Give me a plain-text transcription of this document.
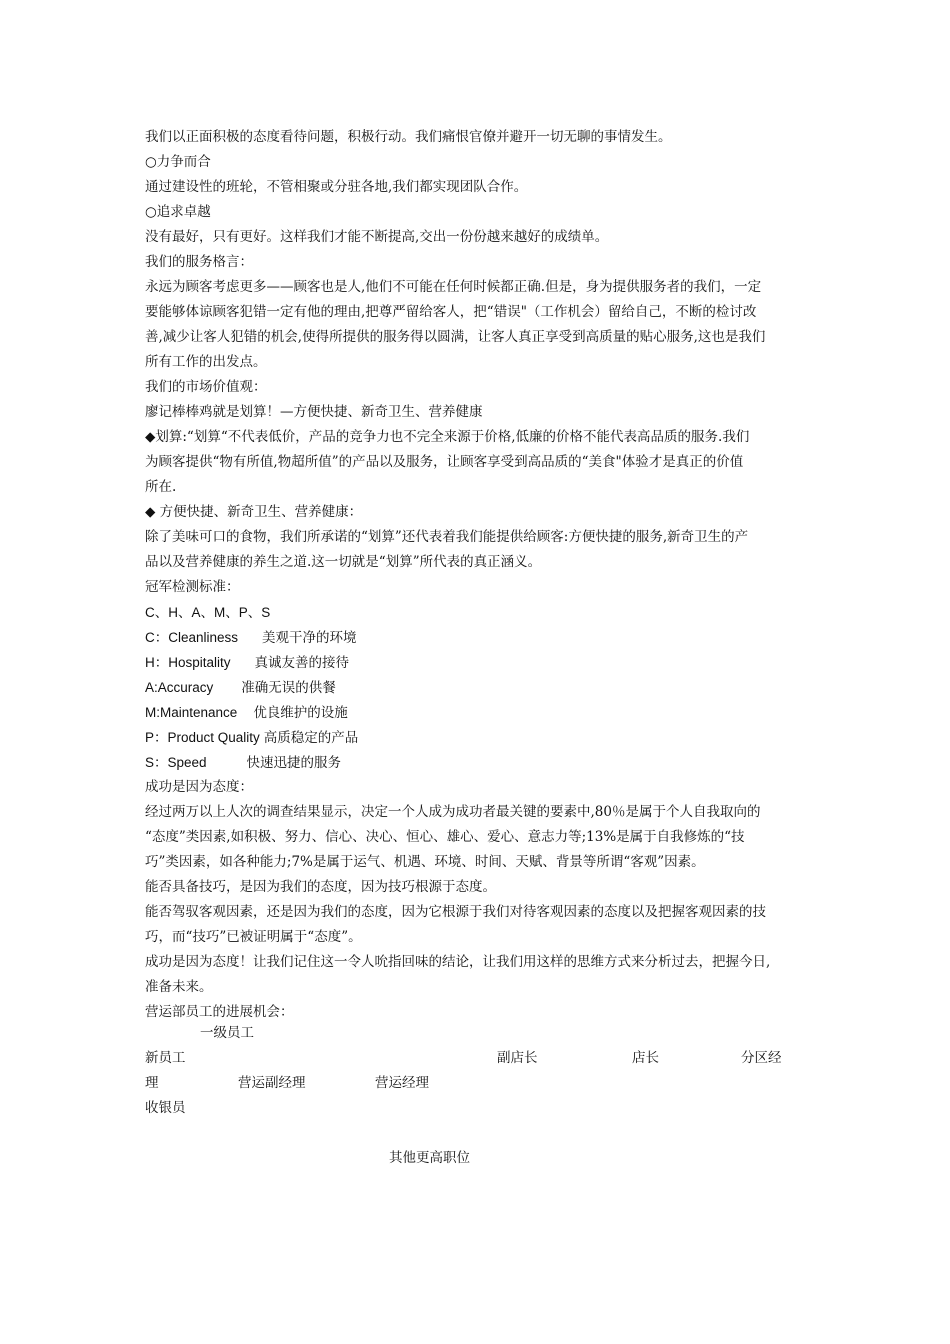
我们以正面积极的态度看待问题，积极行动。我们痛恨官僚并避开一切无聊的事情发生。
○力争而合
通过建设性的班轮，不管相聚或分驻各地,我们都实现团队合作。
○追求卓越
没有最好，只有更好。这样我们才能不断提高,交出一份份越来越好的成绩单。
我们的服务格言：
永远为顾客考虑更多——顾客也是人,他们不可能在任何时候都正确.但是，身为提供服务者的我们，一定
要能够体谅顾客犯错一定有他的理由,把尊严留给客人，把“错误"（工作机会）留给自己，不断的检讨改
善,减少让客人犯错的机会,使得所提供的服务得以圆满，让客人真正享受到高质量的贴心服务,这也是我们
所有工作的出发点。
我们的市场价值观：
廖记棒棒鸡就是划算！—方便快捷、新奇卫生、营养健康
◆划算:“划算“不代表低价，产品的竞争力也不完全来源于价格,低廉的价格不能代表高品质的服务.我们
为顾客提供“物有所值,物超所值”的产品以及服务，让顾客享受到高品质的“美食"体验才是真正的价值
所在.
◆ 方便快捷、新奇卫生、营养健康：
除了美味可口的食物，我们所承诺的“划算”还代表着我们能提供给顾客:方便快捷的服务,新奇卫生的产
品以及营养健康的养生之道.这一切就是“划算”所代表的真正涵义。
冠军检测标准：
C、H、A、M、P、S
C：Cleanliness 美观干净的环境
H：Hospitality 真诚友善的接待
A:Accuracy 准确无误的供餐
M:Maintenance 优良维护的设施
P：Product Quality 高质稳定的产品
S：Speed	快速迅捷的服务
成功是因为态度：
经过两万以上人次的调查结果显示，决定一个人成为成功者最关键的要素中,80％是属于个人自我取向的
“态度”类因素,如积极、努力、信心、决心、恒心、雄心、爱心、意志力等;13%是属于自我修炼的“技
巧”类因素，如各种能力;7%是属于运气、机遇、环境、时间、天赋、背景等所谓“客观”因素。
能否具备技巧，是因为我们的态度，因为技巧根源于态度。
能否驾驭客观因素，还是因为我们的态度，因为它根源于我们对待客观因素的态度以及把握客观因素的技
巧，而“技巧”已被证明属于“态度”。
成功是因为态度！让我们记住这一令人吮指回味的结论，让我们用这样的思维方式来分析过去，把握今日,
准备未来。
营运部员工的进展机会：
一级员工
新员工	副店长	店长	分区经
理	营运副经理	营运经理
收银员
其他更高职位
